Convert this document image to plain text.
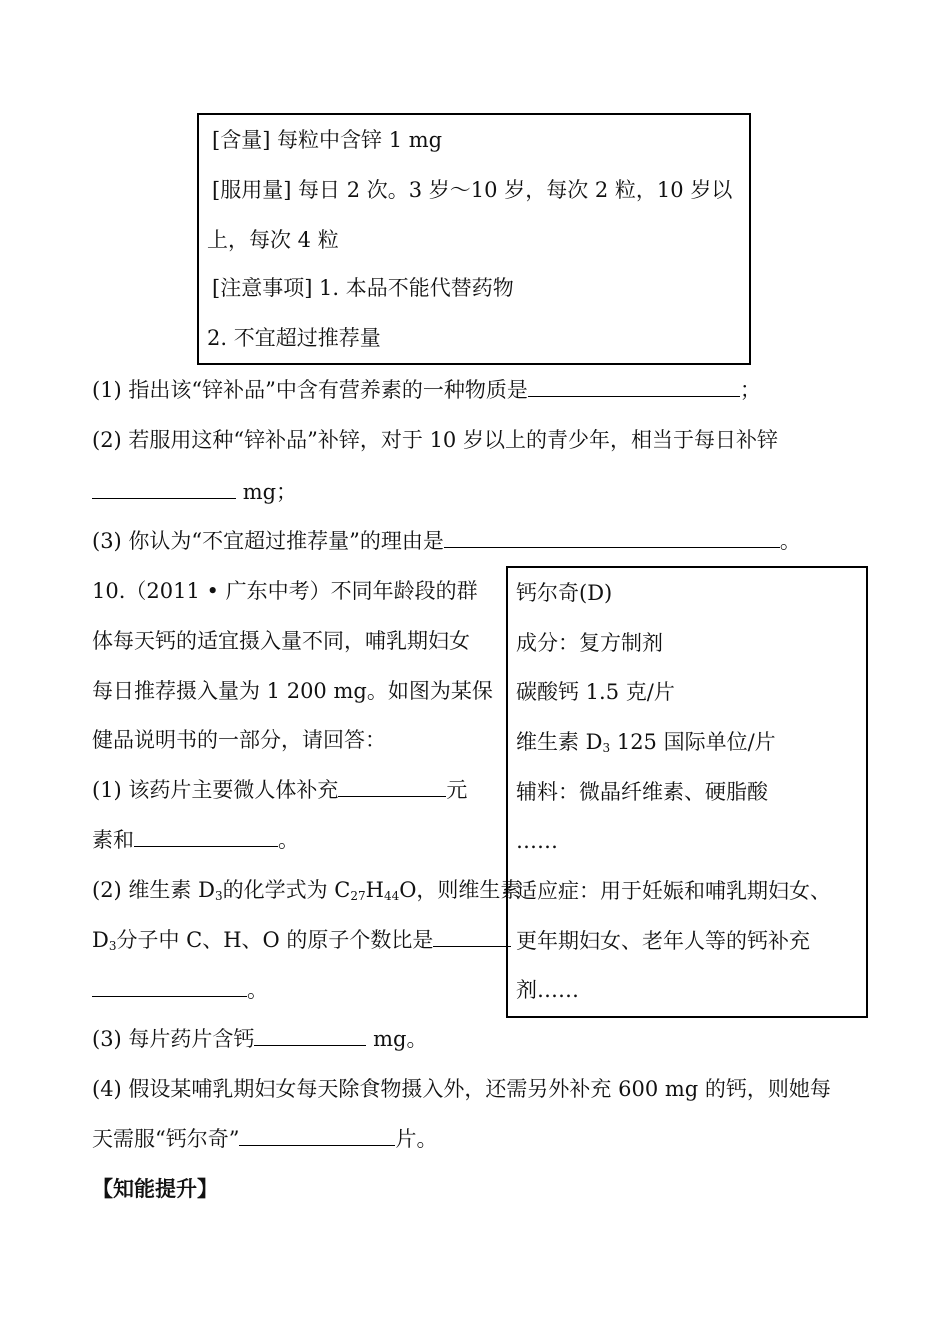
[含量] 每粒中含锌 1 mg
[服用量] 每日 2 次。3 岁～10 岁，每次 2 粒，10 岁以
上，每次 4 粒
[注意事项] 1. 本品不能代替药物
2. 不宜超过推荐量
(1) 指出该“锌补品”中含有营养素的一种物质是	；
(2) 若服用这种“锌补品”补锌，对于 10 岁以上的青少年，相当于每日补锌
mg；
(3) 你认为“不宜超过推荐量”的理由是	。
10.（2011 • 广东中考）不同年龄段的群
体每天钙的适宜摄入量不同，哺乳期妇女
每日推荐摄入量为 1 200 mg。如图为某保
健品说明书的一部分，请回答：
(1) 该药片主要微人体补充	元
素和	。
(2) 维生素 $D_3$的化学式为 $C_{27}H_{44}O$，则维生素
$D_3$分子中 C、H、O 的原子个数比是
。
(3) 每片药片含钙	mg。
(4) 假设某哺乳期妇女每天除食物摄入外，还需另外补充 600 mg 的钙，则她每
天需服“钙尔奇”	片。
钙尔奇(D)
成分：复方制剂
碳酸钙 1.5 克/片
维生素 $D_3$ 125 国际单位/片
辅料：微晶纤维素、硬脂酸
……
适应症：用于妊娠和哺乳期妇女、
更年期妇女、老年人等的钙补充
剂……
【知能提升】
